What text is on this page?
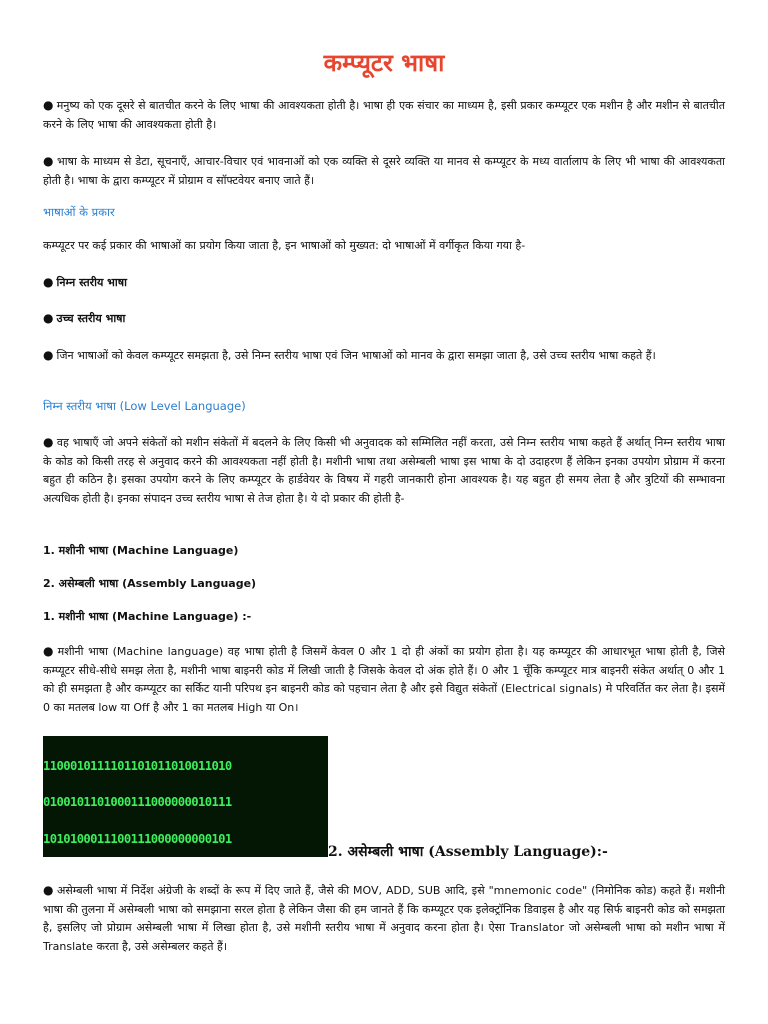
कम्प्यूटर भाषा
● मनुष्य को एक दूसरे से बातचीत करने के लिए भाषा की आवश्यकता होती है। भाषा ही एक संचार का माध्यम है, इसी प्रकार कम्प्यूटर एक मशीन है और मशीन से बातचीत करने के लिए भाषा की आवश्यकता होती है।
● भाषा के माध्यम से डेटा, सूचनाएँ, आचार-विचार एवं भावनाओं को एक व्यक्ति से दूसरे व्यक्ति या मानव से कम्प्यूटर के मध्य वार्तालाप के लिए भी भाषा की आवश्यकता होती है। भाषा के द्वारा कम्प्यूटर में प्रोग्राम व सॉफ्टवेयर बनाए जाते हैं।
भाषाओं के प्रकार
कम्प्यूटर पर कई प्रकार की भाषाओं का प्रयोग किया जाता है, इन भाषाओं को मुख्यत: दो भाषाओं में वर्गीकृत किया गया है-
● निम्न स्तरीय भाषा
● उच्च स्तरीय भाषा
● जिन भाषाओं को केवल कम्प्यूटर समझता है, उसे निम्न स्तरीय भाषा एवं जिन भाषाओं को मानव के द्वारा समझा जाता है, उसे उच्च स्तरीय भाषा कहते हैं।
निम्न स्तरीय भाषा (Low Level Language)
● वह भाषाएँ जो अपने संकेतों को मशीन संकेतों में बदलने के लिए किसी भी अनुवादक को सम्मिलित नहीं करता, उसे निम्न स्तरीय भाषा कहते हैं अर्थात् निम्न स्तरीय भाषा के कोड को किसी तरह से अनुवाद करने की आवश्यकता नहीं होती है। मशीनी भाषा तथा असेम्बली भाषा इस भाषा के दो उदाहरण हैं लेकिन इनका उपयोग प्रोग्राम में करना बहुत ही कठिन है। इसका उपयोग करने के लिए कम्प्यूटर के हार्डवेयर के विषय में गहरी जानकारी होना आवश्यक है। यह बहुत ही समय लेता है और त्रुटियों की सम्भावना अत्यधिक होती है। इनका संपादन उच्च स्तरीय भाषा से तेज होता है। ये दो प्रकार की होती है-
1. मशीनी भाषा (Machine Language)
2. असेम्बली भाषा (Assembly Language)
1. मशीनी भाषा (Machine Language) :-
● मशीनी भाषा (Machine language) वह भाषा होती है जिसमें केवल 0 और 1 दो ही अंकों का प्रयोग होता है। यह कम्प्यूटर की आधारभूत भाषा होती है, जिसे कम्प्यूटर सीधे-सीधे समझ लेता है, मशीनी भाषा बाइनरी कोड में लिखी जाती है जिसके केवल दो अंक होते हैं। 0 और 1 चूँकि कम्प्यूटर मात्र बाइनरी संकेत अर्थात् 0 और 1 को ही समझता है और कम्प्यूटर का सर्किट यानी परिपथ इन बाइनरी कोड को पहचान लेता है और इसे विद्युत संकेतों (Electrical signals) मे परिवर्तित कर लेता है। इसमें 0 का मतलब low या Off है और 1 का मतलब High या On।

1100010111101101011010011010

0100101101000111000000010111

1010100011100111000000000101

2. असेम्बली भाषा (Assembly Language):-
● असेम्बली भाषा में निर्देश अंग्रेजी के शब्दों के रूप में दिए जाते हैं, जैसे की MOV, ADD, SUB आदि, इसे "mnemonic code" (निमोनिक कोड) कहते हैं। मशीनी भाषा की तुलना में असेम्बली भाषा को समझाना सरल होता है लेकिन जैसा की हम जानते हैं कि कम्प्यूटर एक इलेक्ट्रॉनिक डिवाइस है और यह सिर्फ बाइनरी कोड को समझता है, इसलिए जो प्रोग्राम असेम्बली भाषा में लिखा होता है, उसे मशीनी स्तरीय भाषा में अनुवाद करना होता है। ऐसा Translator जो असेम्बली भाषा को मशीन भाषा में Translate करता है, उसे असेम्बलर कहते हैं।
